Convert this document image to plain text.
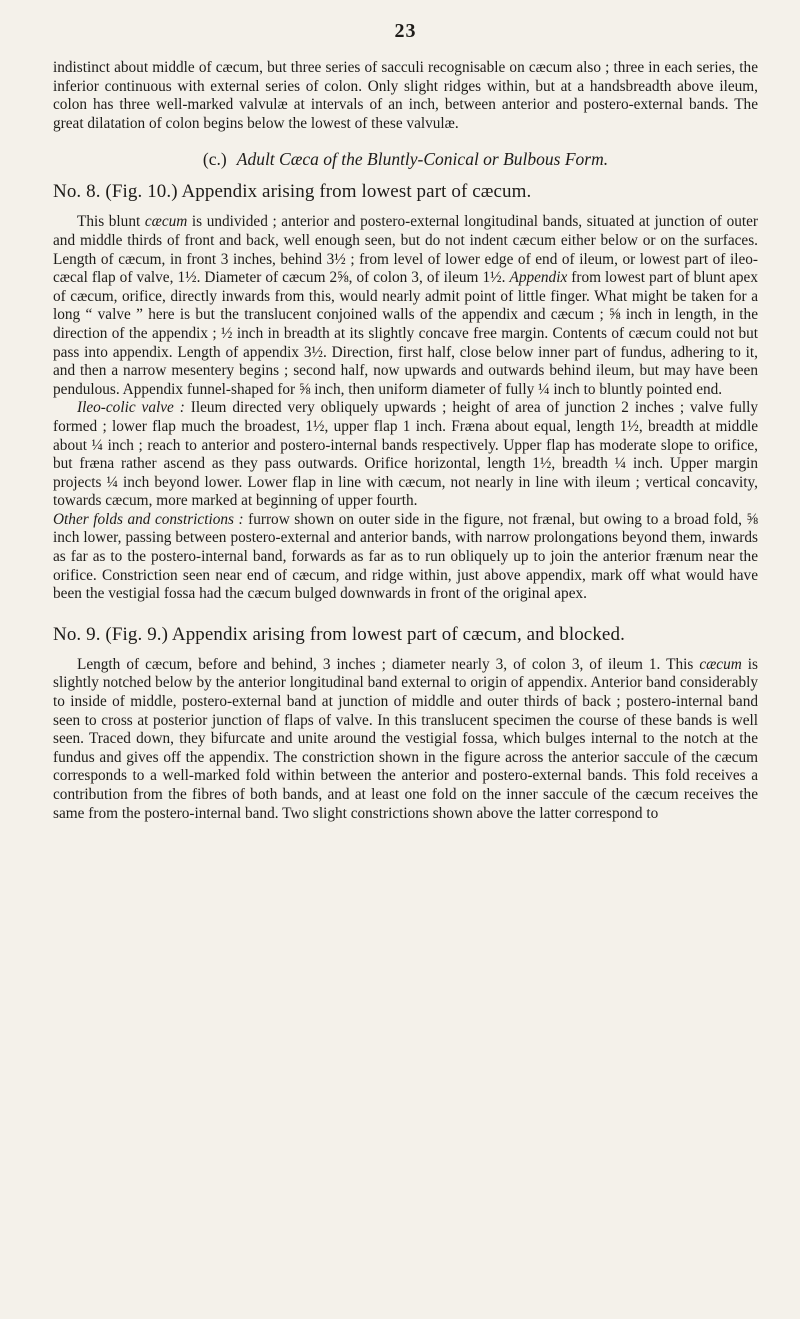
23

indistinct about middle of cæcum, but three series of sacculi recognisable on cæcum also ; three in each series, the inferior continuous with external series of colon. Only slight ridges within, but at a handsbreadth above ileum, colon has three well-marked valvulæ at intervals of an inch, between anterior and postero-external bands. The great dilatation of colon begins below the lowest of these valvulæ.

(c.) Adult Cæca of the Bluntly-Conical or Bulbous Form.
No. 8. (Fig. 10.) Appendix arising from lowest part of cæcum.

This blunt cæcum is undivided ; anterior and postero-external longitudinal bands, situated at junction of outer and middle thirds of front and back, well enough seen, but do not indent cæcum either below or on the surfaces. Length of cæcum, in front 3 inches, behind 3½ ; from level of lower edge of end of ileum, or lowest part of ileo-cæcal flap of valve, 1½. Diameter of cæcum 2⅝, of colon 3, of ileum 1½. Appendix from lowest part of blunt apex of cæcum, orifice, directly inwards from this, would nearly admit point of little finger. What might be taken for a long “ valve ” here is but the translucent conjoined walls of the appendix and cæcum ; ⅝ inch in length, in the direction of the appendix ; ½ inch in breadth at its slightly concave free margin. Contents of cæcum could not but pass into appendix. Length of appendix 3½. Direction, first half, close below inner part of fundus, adhering to it, and then a narrow mesentery begins ; second half, now upwards and outwards behind ileum, but may have been pendulous. Appendix funnel-shaped for ⅝ inch, then uniform diameter of fully ¼ inch to bluntly pointed end.

Ileo-colic valve : Ileum directed very obliquely upwards ; height of area of junction 2 inches ; valve fully formed ; lower flap much the broadest, 1½, upper flap 1 inch. Frænа about equal, length 1½, breadth at middle about ¼ inch ; reach to anterior and postero-internal bands respectively. Upper flap has moderate slope to orifice, but frænа rather ascend as they pass outwards. Orifice horizontal, length 1½, breadth ¼ inch. Upper margin projects ¼ inch beyond lower. Lower flap in line with cæcum, not nearly in line with ileum ; vertical concavity, towards cæcum, more marked at beginning of upper fourth.

Other folds and constrictions : furrow shown on outer side in the figure, not frænal, but owing to a broad fold, ⅝ inch lower, passing between postero-external and anterior bands, with narrow prolongations beyond them, inwards as far as to the postero-internal band, forwards as far as to run obliquely up to join the anterior frænum near the orifice. Constriction seen near end of cæcum, and ridge within, just above appendix, mark off what would have been the vestigial fossa had the cæcum bulged downwards in front of the original apex.

No. 9. (Fig. 9.) Appendix arising from lowest part of cæcum, and blocked.

Length of cæcum, before and behind, 3 inches ; diameter nearly 3, of colon 3, of ileum 1. This cæcum is slightly notched below by the anterior longitudinal band external to origin of appendix. Anterior band considerably to inside of middle, postero-external band at junction of middle and outer thirds of back ; postero-internal band seen to cross at posterior junction of flaps of valve. In this translucent specimen the course of these bands is well seen. Traced down, they bifurcate and unite around the vestigial fossa, which bulges internal to the notch at the fundus and gives off the appendix. The constriction shown in the figure across the anterior saccule of the cæcum corresponds to a well-marked fold within between the anterior and postero-external bands. This fold receives a contribution from the fibres of both bands, and at least one fold on the inner saccule of the cæcum receives the same from the postero-internal band. Two slight constrictions shown above the latter correspond to
